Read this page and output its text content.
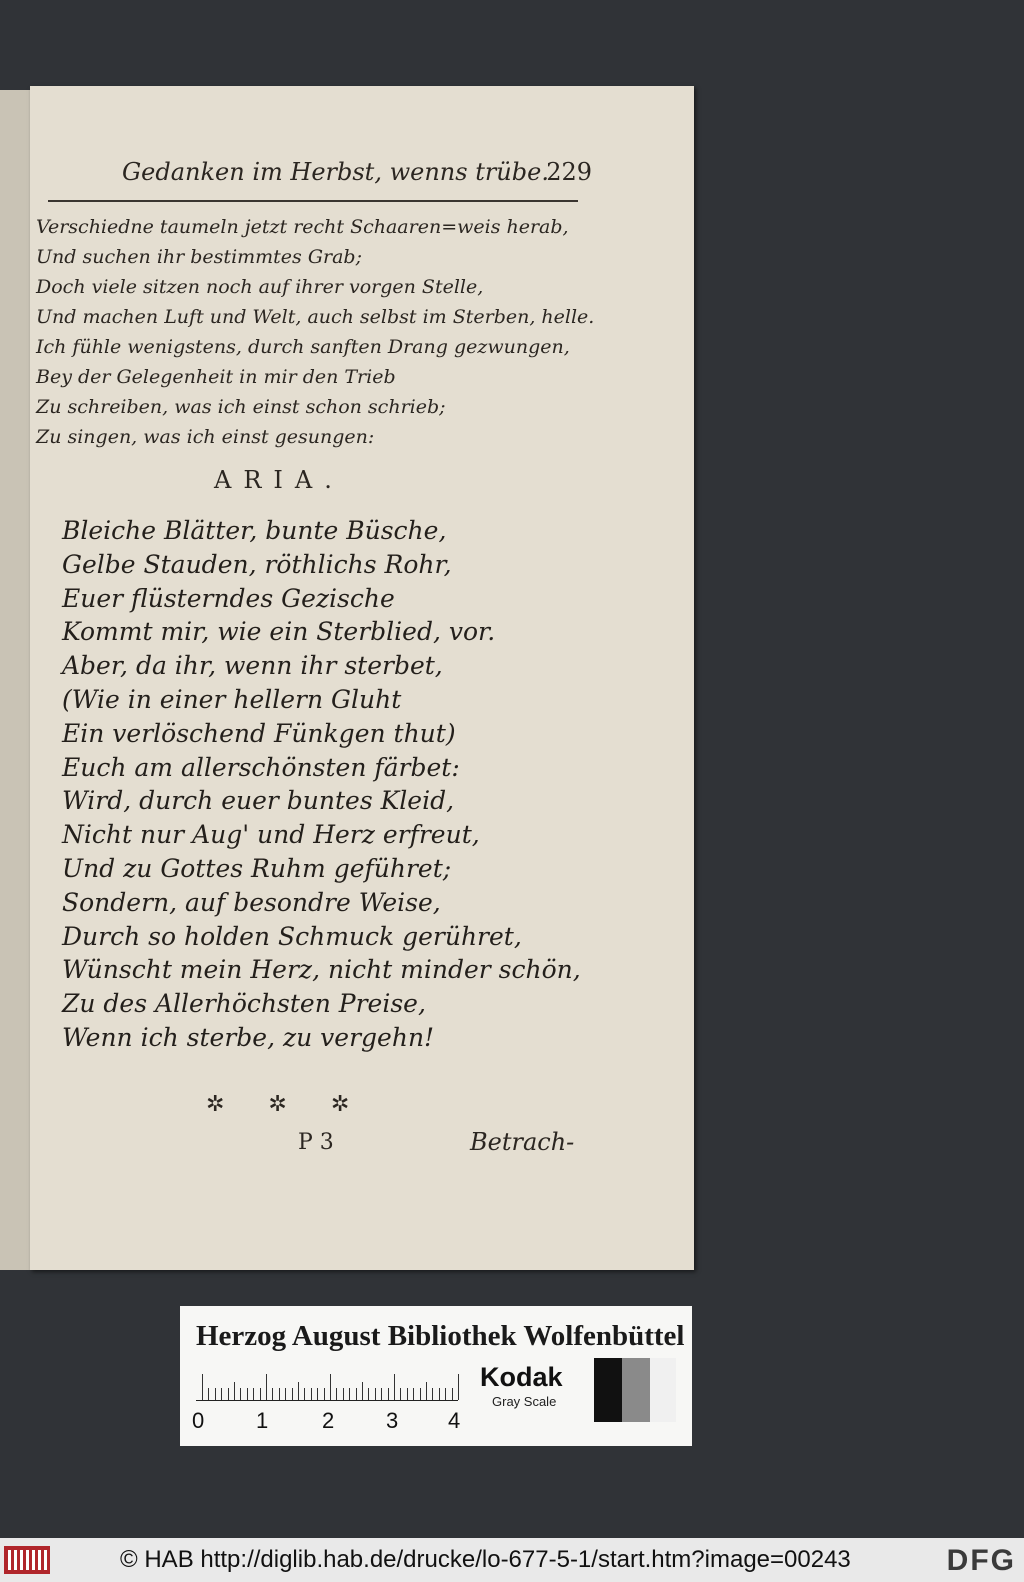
Gedanken im Herbst, wenns trübe.
229
Verschiedne taumeln jetzt recht Schaaren=weis herab,
Und suchen ihr bestimmtes Grab;
Doch viele sitzen noch auf ihrer vorgen Stelle,
Und machen Luft und Welt, auch selbst im Sterben, helle.
Ich fühle wenigstens, durch sanften Drang gezwungen,
Bey der Gelegenheit in mir den Trieb
Zu schreiben, was ich einst schon schrieb;
Zu singen, was ich einst gesungen:
ARIA.
Bleiche Blätter, bunte Büsche,
Gelbe Stauden, röthlichs Rohr,
Euer flüsterndes Gezische
Kommt mir, wie ein Sterblied, vor.
Aber, da ihr, wenn ihr sterbet,
(Wie in einer hellern Gluht
Ein verlöschend Fünkgen thut)
Euch am allerschönsten färbet:
Wird, durch euer buntes Kleid,
Nicht nur Aug' und Herz erfreut,
Und zu Gottes Ruhm geführet;
Sondern, auf besondre Weise,
Durch so holden Schmuck gerühret,
Wünscht mein Herz, nicht minder schön,
Zu des Allerhöchsten Preise,
Wenn ich sterbe, zu vergehn!
✲✲✲
P 3	Betrach-
Herzog August Bibliothek Wolfenbüttel
0 1 2 3 4
Kodak
Gray Scale
© HAB http://diglib.hab.de/drucke/lo-677-5-1/start.htm?image=00243	DFG
